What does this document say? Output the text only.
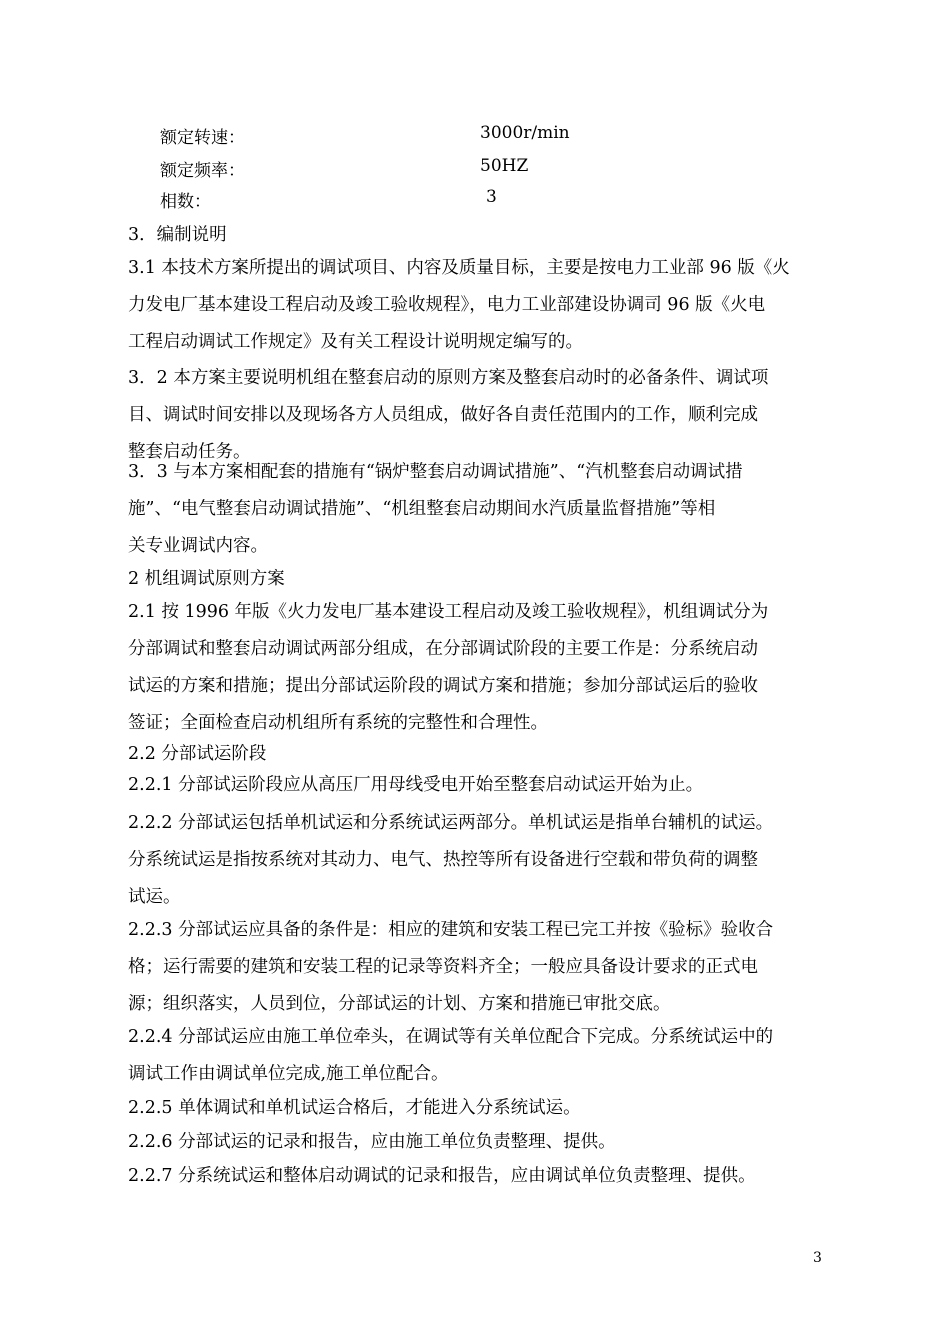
额定转速：	3000r/min
额定频率：	50HZ
相数：	3
3．编制说明
3.1 本技术方案所提出的调试项目、内容及质量目标，主要是按电力工业部 96 版《火
力发电厂基本建设工程启动及竣工验收规程》，电力工业部建设协调司 96 版《火电
工程启动调试工作规定》及有关工程设计说明规定编写的。
3．2 本方案主要说明机组在整套启动的原则方案及整套启动时的必备条件、调试项
目、调试时间安排以及现场各方人员组成，做好各自责任范围内的工作，顺利完成
整套启动任务。
3．3 与本方案相配套的措施有“锅炉整套启动调试措施”、“汽机整套启动调试措
施”、“电气整套启动调试措施”、“机组整套启动期间水汽质量监督措施”等相
关专业调试内容。
2 机组调试原则方案
2.1 按 1996 年版《火力发电厂基本建设工程启动及竣工验收规程》，机组调试分为
分部调试和整套启动调试两部分组成，在分部调试阶段的主要工作是：分系统启动
试运的方案和措施；提出分部试运阶段的调试方案和措施；参加分部试运后的验收
签证；全面检查启动机组所有系统的完整性和合理性。
2.2 分部试运阶段
2.2.1 分部试运阶段应从高压厂用母线受电开始至整套启动试运开始为止。
2.2.2 分部试运包括单机试运和分系统试运两部分。单机试运是指单台辅机的试运。
分系统试运是指按系统对其动力、电气、热控等所有设备进行空载和带负荷的调整
试运。
2.2.3 分部试运应具备的条件是：相应的建筑和安装工程已完工并按《验标》验收合
格；运行需要的建筑和安装工程的记录等资料齐全；一般应具备设计要求的正式电
源；组织落实，人员到位，分部试运的计划、方案和措施已审批交底。
2.2.4 分部试运应由施工单位牵头，在调试等有关单位配合下完成。分系统试运中的
调试工作由调试单位完成,施工单位配合。
2.2.5 单体调试和单机试运合格后，才能进入分系统试运。
2.2.6 分部试运的记录和报告，应由施工单位负责整理、提供。
2.2.7 分系统试运和整体启动调试的记录和报告，应由调试单位负责整理、提供。
3
